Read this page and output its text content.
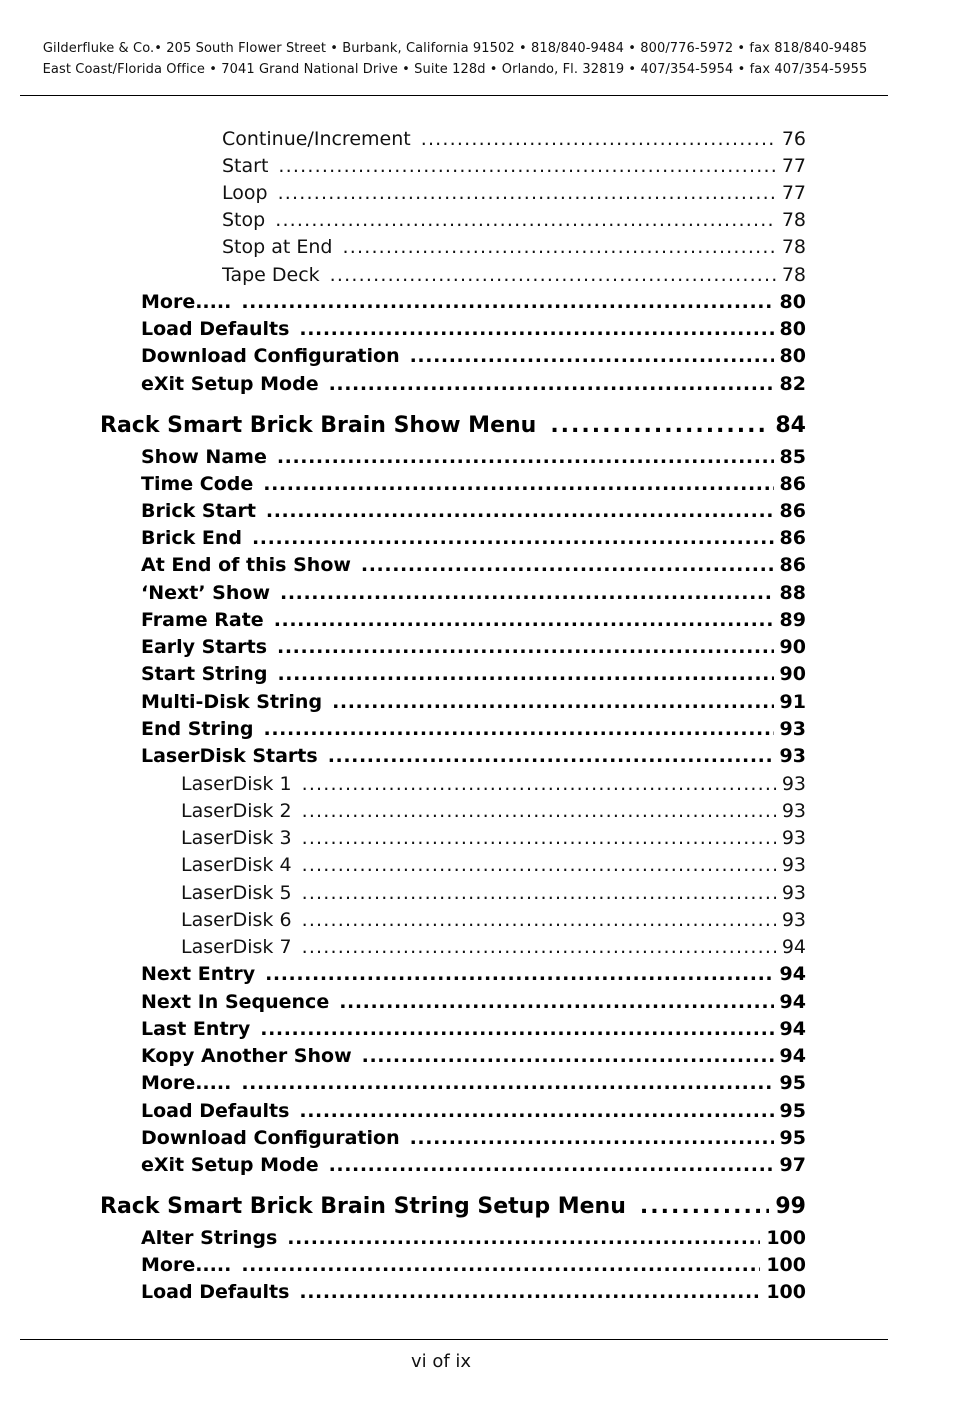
Gilderfluke & Co.• 205 South Flower Street • Burbank, California 91502 • 818/840-9484 • 800/776-5972 • fax 818/840-9485
East Coast/Florida Office • 7041 Grand National Drive • Suite 128d • Orlando, Fl. 32819 • 407/354-5954 • fax 407/354-5955
Continue/Increment .....	76
Start .....	77
Loop .....	77
Stop .....	78
Stop at End .....	78
Tape Deck .....	78
More..... .....	80
Load Defaults .....	80
Download Configuration .....	80
eXit Setup Mode .....	82
Rack Smart Brick Brain Show Menu .....	84
Show Name .....	85
Time Code .....	86
Brick Start .....	86
Brick End .....	86
At End of this Show .....	86
‘Next’ Show .....	88
Frame Rate .....	89
Early Starts .....	90
Start String .....	90
Multi-Disk String .....	91
End String .....	93
LaserDisk Starts .....	93
LaserDisk 1 .....	93
LaserDisk 2 .....	93
LaserDisk 3 .....	93
LaserDisk 4 .....	93
LaserDisk 5 .....	93
LaserDisk 6 .....	93
LaserDisk 7 .....	94
Next Entry .....	94
Next In Sequence .....	94
Last Entry .....	94
Kopy Another Show .....	94
More..... .....	95
Load Defaults .....	95
Download Configuration .....	95
eXit Setup Mode .....	97
Rack Smart Brick Brain String Setup Menu .....	99
Alter Strings .....	100
More..... .....	100
Load Defaults .....	100
vi of ix
